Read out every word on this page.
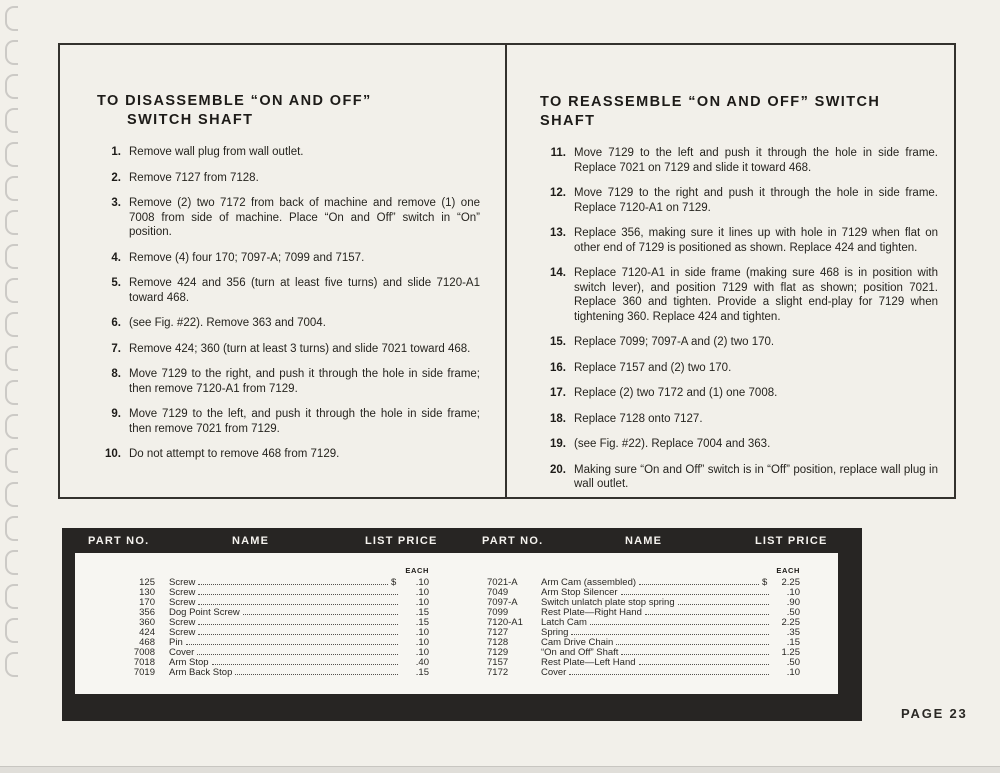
TO DISASSEMBLE “ON AND OFF”
SWITCH SHAFT
1. Remove wall plug from wall outlet.
2. Remove 7127 from 7128.
3. Remove (2) two 7172 from back of machine and remove (1) one 7008 from side of machine. Place “On and Off” switch in “On” position.
4. Remove (4) four 170; 7097-A; 7099 and 7157.
5. Remove 424 and 356 (turn at least five turns) and slide 7120-A1 toward 468.
6. (see Fig. #22). Remove 363 and 7004.
7. Remove 424; 360 (turn at least 3 turns) and slide 7021 toward 468.
8. Move 7129 to the right, and push it through the hole in side frame; then remove 7120-A1 from 7129.
9. Move 7129 to the left, and push it through the hole in side frame; then remove 7021 from 7129.
10. Do not attempt to remove 468 from 7129.
TO REASSEMBLE “ON AND OFF” SWITCH SHAFT
11. Move 7129 to the left and push it through the hole in side frame. Replace 7021 on 7129 and slide it toward 468.
12. Move 7129 to the right and push it through the hole in side frame. Replace 7120-A1 on 7129.
13. Replace 356, making sure it lines up with hole in 7129 when flat on other end of 7129 is positioned as shown. Replace 424 and tighten.
14. Replace 7120-A1 in side frame (making sure 468 is in position with switch lever), and position 7129 with flat as shown; position 7021. Replace 360 and tighten. Provide a slight end-play for 7129 when tightening 360. Replace 424 and tighten.
15. Replace 7099; 7097-A and (2) two 170.
16. Replace 7157 and (2) two 170.
17. Replace (2) two 7172 and (1) one 7008.
18. Replace 7128 onto 7127.
19. (see Fig. #22). Replace 7004 and 363.
20. Making sure “On and Off” switch is in “Off” position, replace wall plug in wall outlet.
PART NO.	NAME	LIST PRICE	PART NO.	NAME	LIST PRICE
EACH
125 Screw	$	.10
130 Screw	.10
170 Screw	.10
356 Dog Point Screw	.15
360 Screw	.15
424 Screw	.10
468 Pin	.10
7008 Cover	.10
7018 Arm Stop	.40
7019 Arm Back Stop	.15
EACH
7021-A	Arm Cam (assembled)	$	2.25
7049	Arm Stop Silencer	.10
7097-A	Switch unlatch plate stop spring	.90
7099	Rest Plate—Right Hand	.50
7120-A1	Latch Cam	2.25
7127	Spring	.35
7128	Cam Drive Chain	.15
7129	“On and Off” Shaft	1.25
7157	Rest Plate—Left Hand	.50
7172	Cover	.10
PAGE 23
